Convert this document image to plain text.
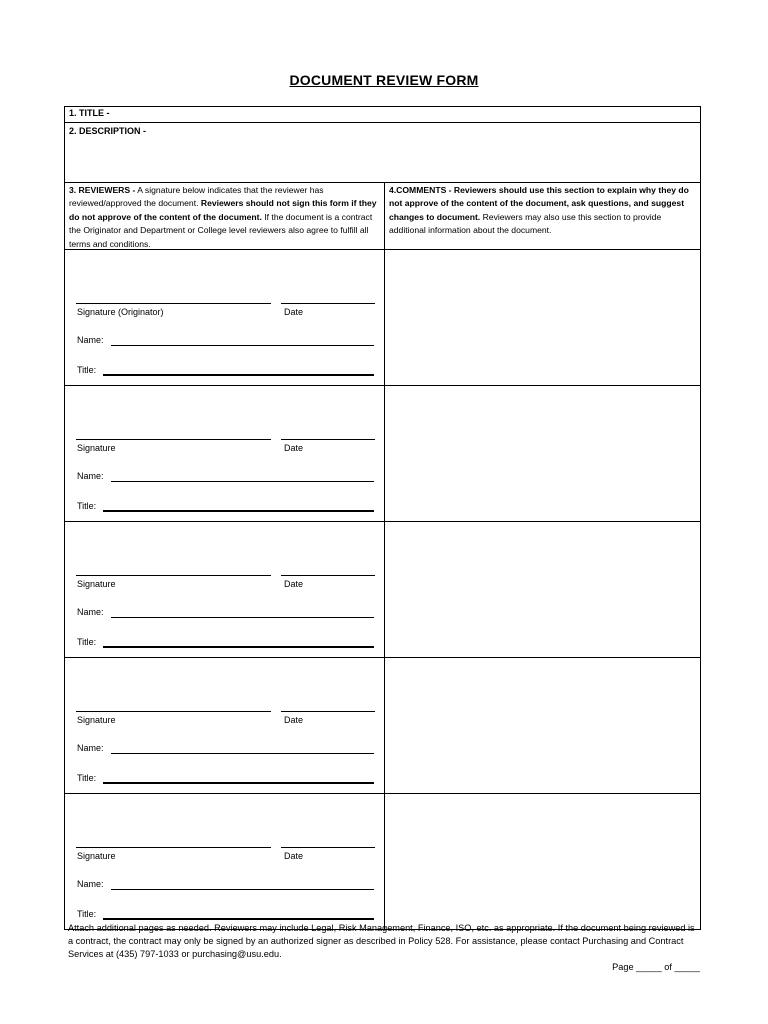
DOCUMENT REVIEW FORM
1. TITLE -
2. DESCRIPTION -
3. REVIEWERS - A signature below indicates that the reviewer has reviewed/approved the document. Reviewers should not sign this form if they do not approve of the content of the document. If the document is a contract the Originator and Department or College level reviewers also agree to fulfill all terms and conditions.
4.COMMENTS - Reviewers should use this section to explain why they do not approve of the content of the document, ask questions, and suggest changes to document. Reviewers may also use this section to provide additional information about the document.
Signature (Originator)	Date
Name:
Title:
Signature	Date
Name:
Title:
Signature	Date
Name:
Title:
Signature	Date
Name:
Title:
Signature	Date
Name:
Title:
Attach additional pages as needed. Reviewers may include Legal, Risk Management, Finance, ISO, etc. as appropriate. If the document being reviewed is a contract, the contract may only be signed by an authorized signer as described in Policy 528. For assistance, please contact Purchasing and Contract Services at (435) 797-1033 or purchasing@usu.edu.
Page _____ of _____
